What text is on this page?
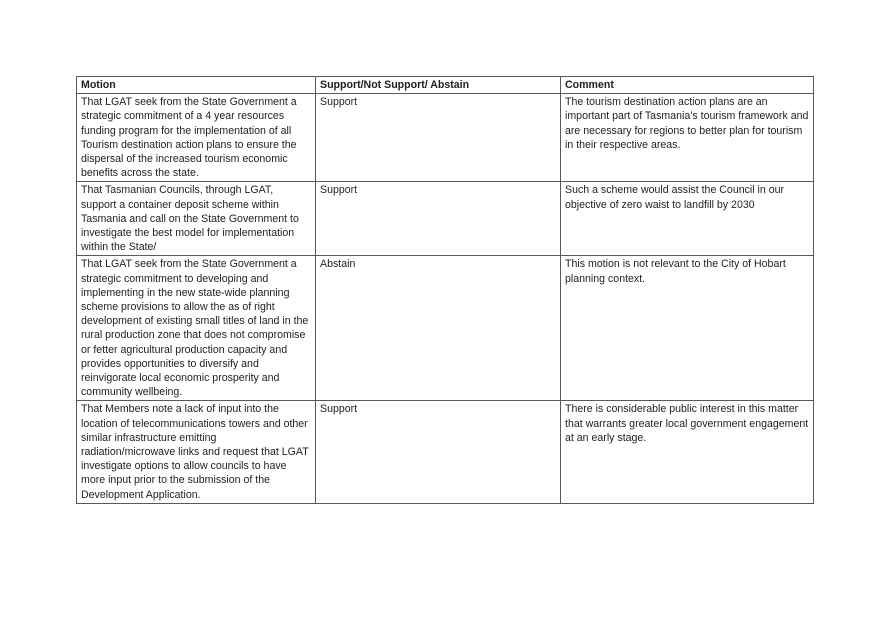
Motion	Support/Not Support/ Abstain	Comment
That LGAT seek from the State Government a strategic commitment of a 4 year resources funding program for the implementation of all Tourism destination action plans to ensure the dispersal of the increased tourism economic benefits across the state.	Support	The tourism destination action plans are an important part of Tasmania’s tourism framework and are necessary for regions to better plan for tourism in their respective areas.
That Tasmanian Councils, through LGAT, support a container deposit scheme within Tasmania and call on the State Government to investigate the best model for implementation within the State/	Support	Such a scheme would assist the Council in our objective of zero waist to landfill by 2030
That LGAT seek from the State Government a strategic commitment to developing and implementing in the new state-wide planning scheme provisions to allow the as of right development of existing small titles of land in the rural production zone that does not compromise or fetter agricultural production capacity and provides opportunities to diversify and reinvigorate local economic prosperity and community wellbeing.	Abstain	This motion is not relevant to the City of Hobart planning context.
That Members note a lack of input into the location of telecommunications towers and other similar infrastructure emitting radiation/microwave links and request that LGAT investigate options to allow councils to have more input prior to the submission of the Development Application.	Support	There is considerable public interest in this matter that warrants greater local government engagement at an early stage.
